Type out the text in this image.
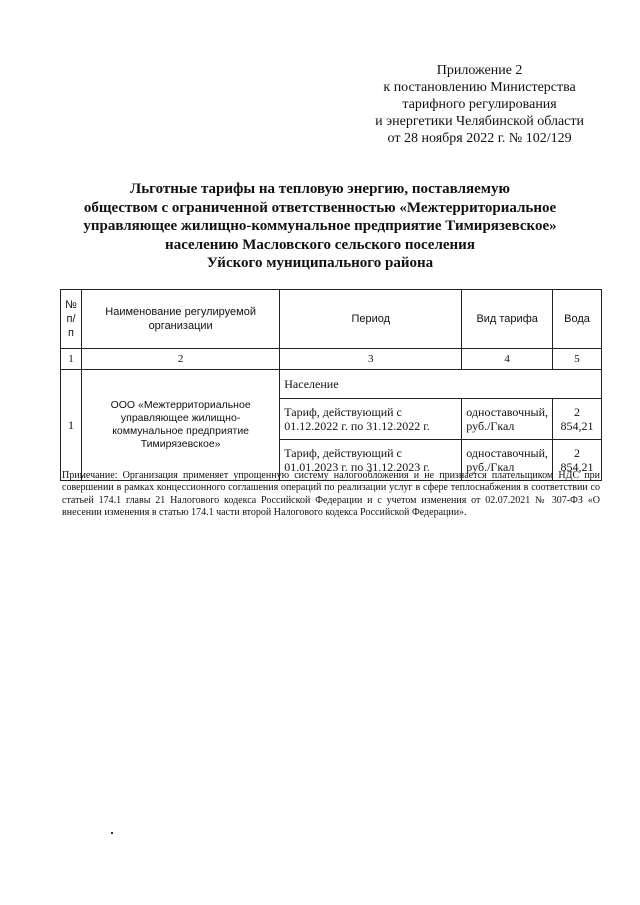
Приложение 2
к постановлению Министерства
тарифного регулирования
и энергетики Челябинской области
от 28 ноября 2022 г. № 102/129
Льготные тарифы на тепловую энергию, поставляемую
обществом с ограниченной ответственностью «Межтерриториальное
управляющее жилищно-коммунальное предприятие Тимирязевское»
населению Масловского сельского поселения
Уйского муниципального района
№ п/п	Наименование регулируемой организации	Период	Вид тарифа	Вода
1	2	3	4	5
1	ООО «Межтерриториальное управляющее жилищно-коммунальное предприятие Тимирязевское»	Население		
		Тариф, действующий с 01.12.2022 г. по 31.12.2022 г.	одноставочный, руб./Гкал	2 854,21
		Тариф, действующий с 01.01.2023 г. по 31.12.2023 г.	одноставочный, руб./Гкал	2 854,21
Примечание: Организация применяет упрощенную систему налогообложения и не признается плательщиком НДС при совершении в рамках концессионного соглашения операций по реализации услуг в сфере теплоснабжения в соответствии со статьей 174.1 главы 21 Налогового кодекса Российской Федерации и с учетом изменения от 02.07.2021 № 307-ФЗ «О внесении изменения в статью 174.1 части второй Налогового кодекса Российской Федерации».
